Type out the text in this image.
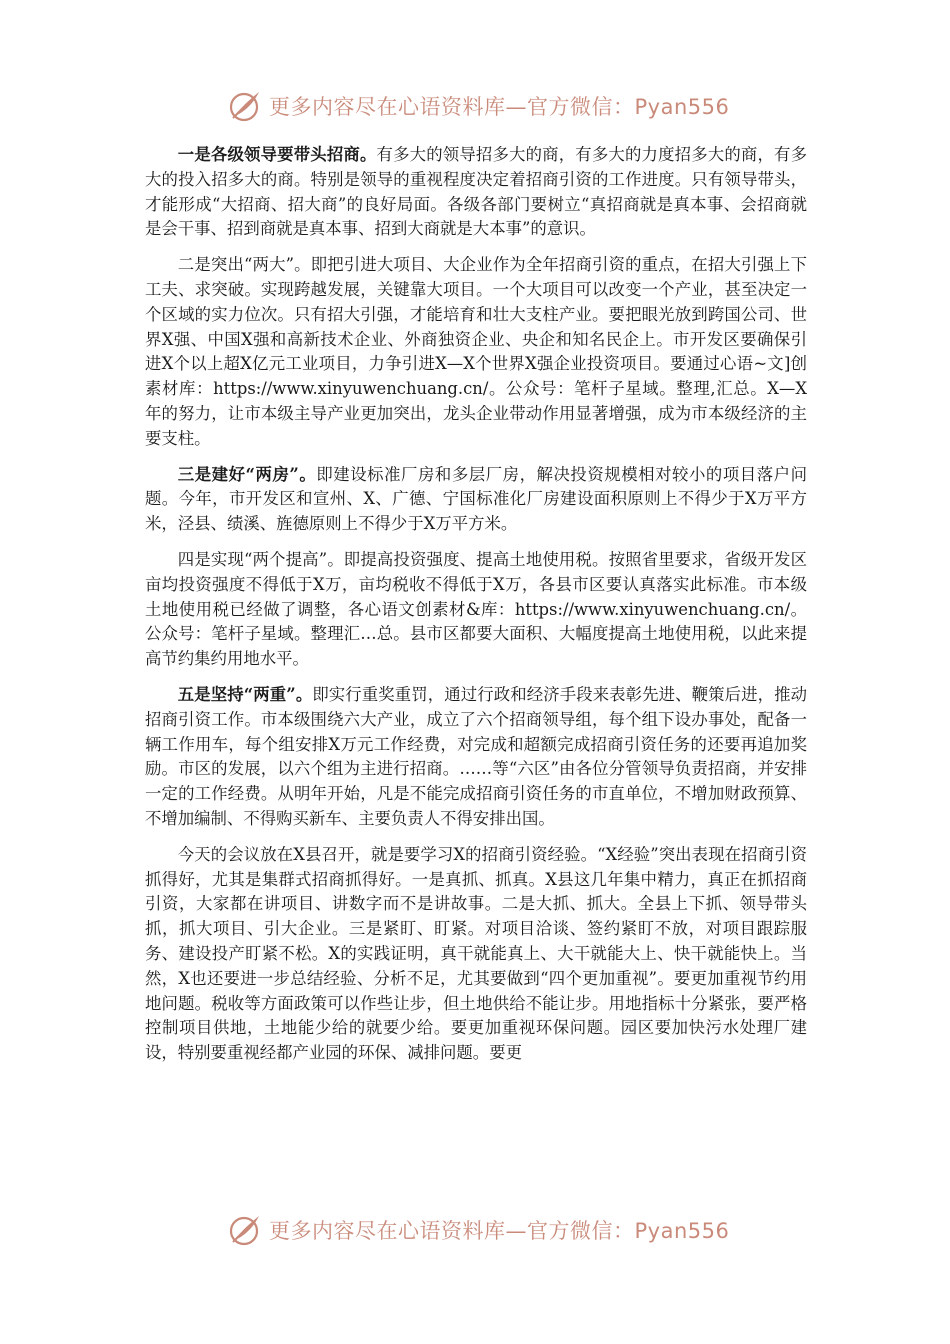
更多内容尽在心语资料库—官方微信：Pyan556

一是各级领导要带头招商。有多大的领导招多大的商，有多大的力度招多大的商，有多大的投入招多大的商。特别是领导的重视程度决定着招商引资的工作进度。只有领导带头，才能形成“大招商、招大商”的良好局面。各级各部门要树立“真招商就是真本事、会招商就是会干事、招到商就是真本事、招到大商就是大本事”的意识。

二是突出“两大”。即把引进大项目、大企业作为全年招商引资的重点，在招大引强上下工夫、求突破。实现跨越发展，关键靠大项目。一个大项目可以改变一个产业，甚至决定一个区域的实力位次。只有招大引强，才能培育和壮大支柱产业。要把眼光放到跨国公司、世界X强、中国X强和高新技术企业、外商独资企业、央企和知名民企上。市开发区要确保引进X个以上超X亿元工业项目，力争引进X—X个世界X强企业投资项目。要通过心语~文]创素材库：https://www.xinyuwenchuang.cn/。公众号：笔杆子星域。整理,汇总。X—X年的努力，让市本级主导产业更加突出，龙头企业带动作用显著增强，成为市本级经济的主要支柱。

三是建好“两房”。即建设标准厂房和多层厂房，解决投资规模相对较小的项目落户问题。今年，市开发区和宣州、X、广德、宁国标准化厂房建设面积原则上不得少于X万平方米，泾县、绩溪、旌德原则上不得少于X万平方米。

四是实现“两个提高”。即提高投资强度、提高土地使用税。按照省里要求，省级开发区亩均投资强度不得低于X万，亩均税收不得低于X万，各县市区要认真落实此标准。市本级土地使用税已经做了调整，各心语文创素材&库：https://www.xinyuwenchuang.cn/。公众号：笔杆子星域。整理汇…总。县市区都要大面积、大幅度提高土地使用税，以此来提高节约集约用地水平。

五是坚持“两重”。即实行重奖重罚，通过行政和经济手段来表彰先进、鞭策后进，推动招商引资工作。市本级围绕六大产业，成立了六个招商领导组，每个组下设办事处，配备一辆工作用车，每个组安排X万元工作经费，对完成和超额完成招商引资任务的还要再追加奖励。市区的发展，以六个组为主进行招商。……等“六区”由各位分管领导负责招商，并安排一定的工作经费。从明年开始，凡是不能完成招商引资任务的市直单位，不增加财政预算、不增加编制、不得购买新车、主要负责人不得安排出国。

今天的会议放在X县召开，就是要学习X的招商引资经验。“X经验”突出表现在招商引资抓得好，尤其是集群式招商抓得好。一是真抓、抓真。X县这几年集中精力，真正在抓招商引资，大家都在讲项目、讲数字而不是讲故事。二是大抓、抓大。全县上下抓、领导带头抓，抓大项目、引大企业。三是紧盯、盯紧。对项目洽谈、签约紧盯不放，对项目跟踪服务、建设投产盯紧不松。X的实践证明，真干就能真上、大干就能大上、快干就能快上。当然，X也还要进一步总结经验、分析不足，尤其要做到“四个更加重视”。要更加重视节约用地问题。税收等方面政策可以作些让步，但土地供给不能让步。用地指标十分紧张，要严格控制项目供地，土地能少给的就要少给。要更加重视环保问题。园区要加快污水处理厂建设，特别要重视经都产业园的环保、减排问题。要更

更多内容尽在心语资料库—官方微信：Pyan556
